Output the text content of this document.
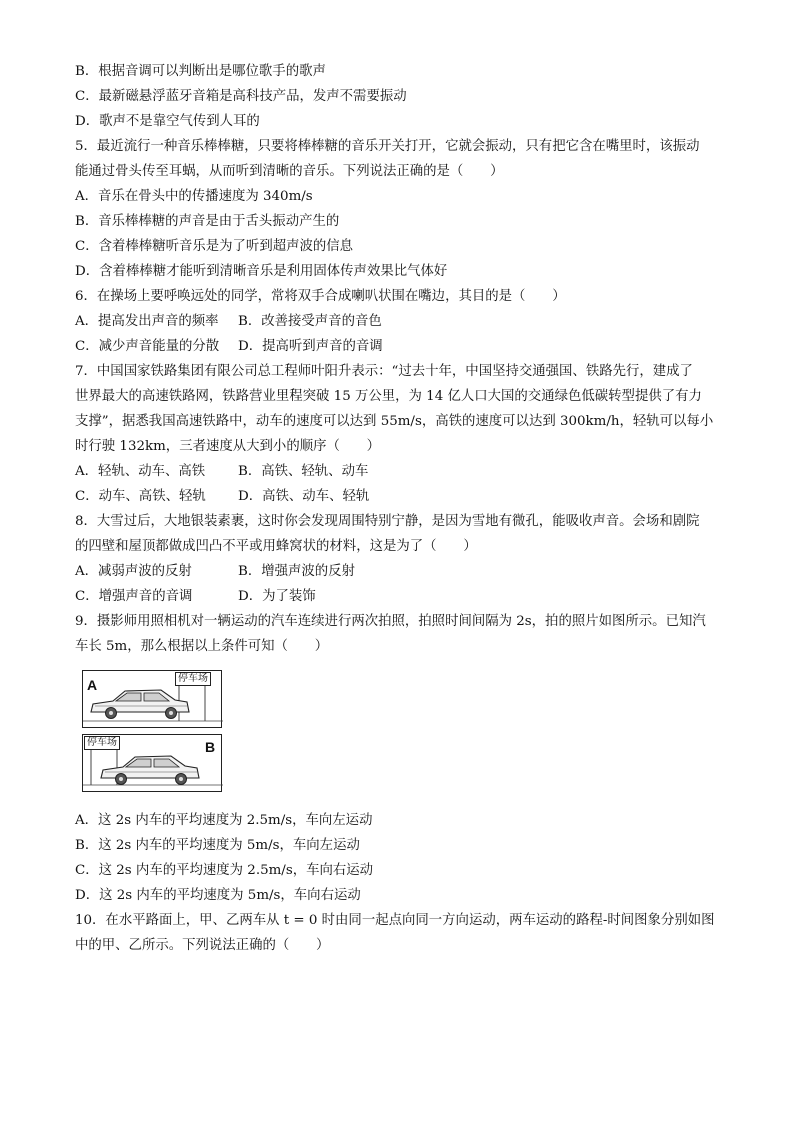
B．根据音调可以判断出是哪位歌手的歌声
C．最新磁悬浮蓝牙音箱是高科技产品，发声不需要振动
D．歌声不是靠空气传到人耳的
5．最近流行一种音乐棒棒糖，只要将棒棒糖的音乐开关打开，它就会振动，只有把它含在嘴里时，该振动
能通过骨头传至耳蜗，从而听到清晰的音乐。下列说法正确的是（　　）
A．音乐在骨头中的传播速度为 340m/s
B．音乐棒棒糖的声音是由于舌头振动产生的
C．含着棒棒糖听音乐是为了听到超声波的信息
D．含着棒棒糖才能听到清晰音乐是利用固体传声效果比气体好
6．在操场上要呼唤远处的同学，常将双手合成喇叭状围在嘴边，其目的是（　　）
A．提高发出声音的频率 B．改善接受声音的音色
C．减少声音能量的分散 D．提高听到声音的音调
7．中国国家铁路集团有限公司总工程师叶阳升表示：“过去十年，中国坚持交通强国、铁路先行，建成了
世界最大的高速铁路网，铁路营业里程突破 15 万公里，为 14 亿人口大国的交通绿色低碳转型提供了有力
支撑”，据悉我国高速铁路中，动车的速度可以达到 55m/s，高铁的速度可以达到 300km/h，轻轨可以每小
时行驶 132km，三者速度从大到小的顺序（　　）
A．轻轨、动车、高铁 B．高铁、轻轨、动车
C．动车、高铁、轻轨 D．高铁、动车、轻轨
8．大雪过后，大地银装素裹，这时你会发现周围特别宁静，是因为雪地有微孔，能吸收声音。会场和剧院
的四壁和屋顶都做成凹凸不平或用蜂窝状的材料，这是为了（　　）
A．减弱声波的反射	B．增强声波的反射
C．增强声音的音调	D．为了装饰
9．摄影师用照相机对一辆运动的汽车连续进行两次拍照，拍照时间间隔为 2s，拍的照片如图所示。已知汽
车长 5m，那么根据以上条件可知（　　）
A	停车场
停车场	B
A．这 2s 内车的平均速度为 2.5m/s，车向左运动
B．这 2s 内车的平均速度为 5m/s，车向左运动
C．这 2s 内车的平均速度为 2.5m/s，车向右运动
D．这 2s 内车的平均速度为 5m/s，车向右运动
10．在水平路面上，甲、乙两车从 t = 0 时由同一起点向同一方向运动，两车运动的路程-时间图象分别如图
中的甲、乙所示。下列说法正确的（　　）
